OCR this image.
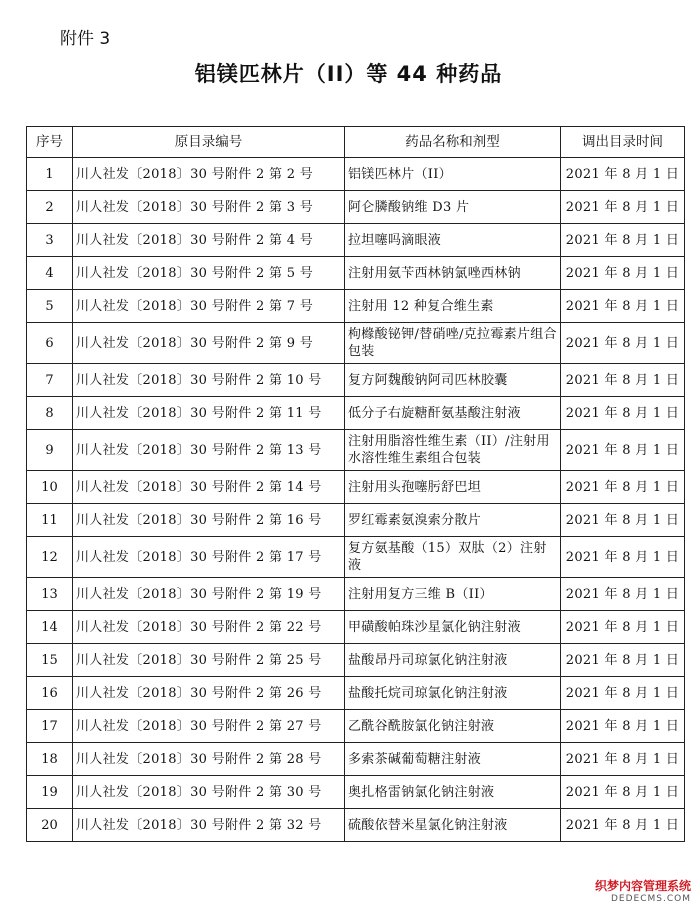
附件 3
铝镁匹林片（II）等 44 种药品
序号	原目录编号	药品名称和剂型	调出目录时间
1	川人社发〔2018〕30 号附件 2 第 2 号	铝镁匹林片（II）	2021 年 8 月 1 日
2	川人社发〔2018〕30 号附件 2 第 3 号	阿仑膦酸钠维 D3 片	2021 年 8 月 1 日
3	川人社发〔2018〕30 号附件 2 第 4 号	拉坦噻吗滴眼液	2021 年 8 月 1 日
4	川人社发〔2018〕30 号附件 2 第 5 号	注射用氨苄西林钠氯唑西林钠	2021 年 8 月 1 日
5	川人社发〔2018〕30 号附件 2 第 7 号	注射用 12 种复合维生素	2021 年 8 月 1 日
6	川人社发〔2018〕30 号附件 2 第 9 号	枸橼酸铋钾/替硝唑/克拉霉素片组合包装	2021 年 8 月 1 日
7	川人社发〔2018〕30 号附件 2 第 10 号	复方阿魏酸钠阿司匹林胶囊	2021 年 8 月 1 日
8	川人社发〔2018〕30 号附件 2 第 11 号	低分子右旋糖酐氨基酸注射液	2021 年 8 月 1 日
9	川人社发〔2018〕30 号附件 2 第 13 号	注射用脂溶性维生素（II）/注射用水溶性维生素组合包装	2021 年 8 月 1 日
10	川人社发〔2018〕30 号附件 2 第 14 号	注射用头孢噻肟舒巴坦	2021 年 8 月 1 日
11	川人社发〔2018〕30 号附件 2 第 16 号	罗红霉素氨溴索分散片	2021 年 8 月 1 日
12	川人社发〔2018〕30 号附件 2 第 17 号	复方氨基酸（15）双肽（2）注射液	2021 年 8 月 1 日
13	川人社发〔2018〕30 号附件 2 第 19 号	注射用复方三维 B（II）	2021 年 8 月 1 日
14	川人社发〔2018〕30 号附件 2 第 22 号	甲磺酸帕珠沙星氯化钠注射液	2021 年 8 月 1 日
15	川人社发〔2018〕30 号附件 2 第 25 号	盐酸昂丹司琼氯化钠注射液	2021 年 8 月 1 日
16	川人社发〔2018〕30 号附件 2 第 26 号	盐酸托烷司琼氯化钠注射液	2021 年 8 月 1 日
17	川人社发〔2018〕30 号附件 2 第 27 号	乙酰谷酰胺氯化钠注射液	2021 年 8 月 1 日
18	川人社发〔2018〕30 号附件 2 第 28 号	多索茶碱葡萄糖注射液	2021 年 8 月 1 日
19	川人社发〔2018〕30 号附件 2 第 30 号	奥扎格雷钠氯化钠注射液	2021 年 8 月 1 日
20	川人社发〔2018〕30 号附件 2 第 32 号	硫酸依替米星氯化钠注射液	2021 年 8 月 1 日
织梦内容管理系统
DEDECMS.COM
